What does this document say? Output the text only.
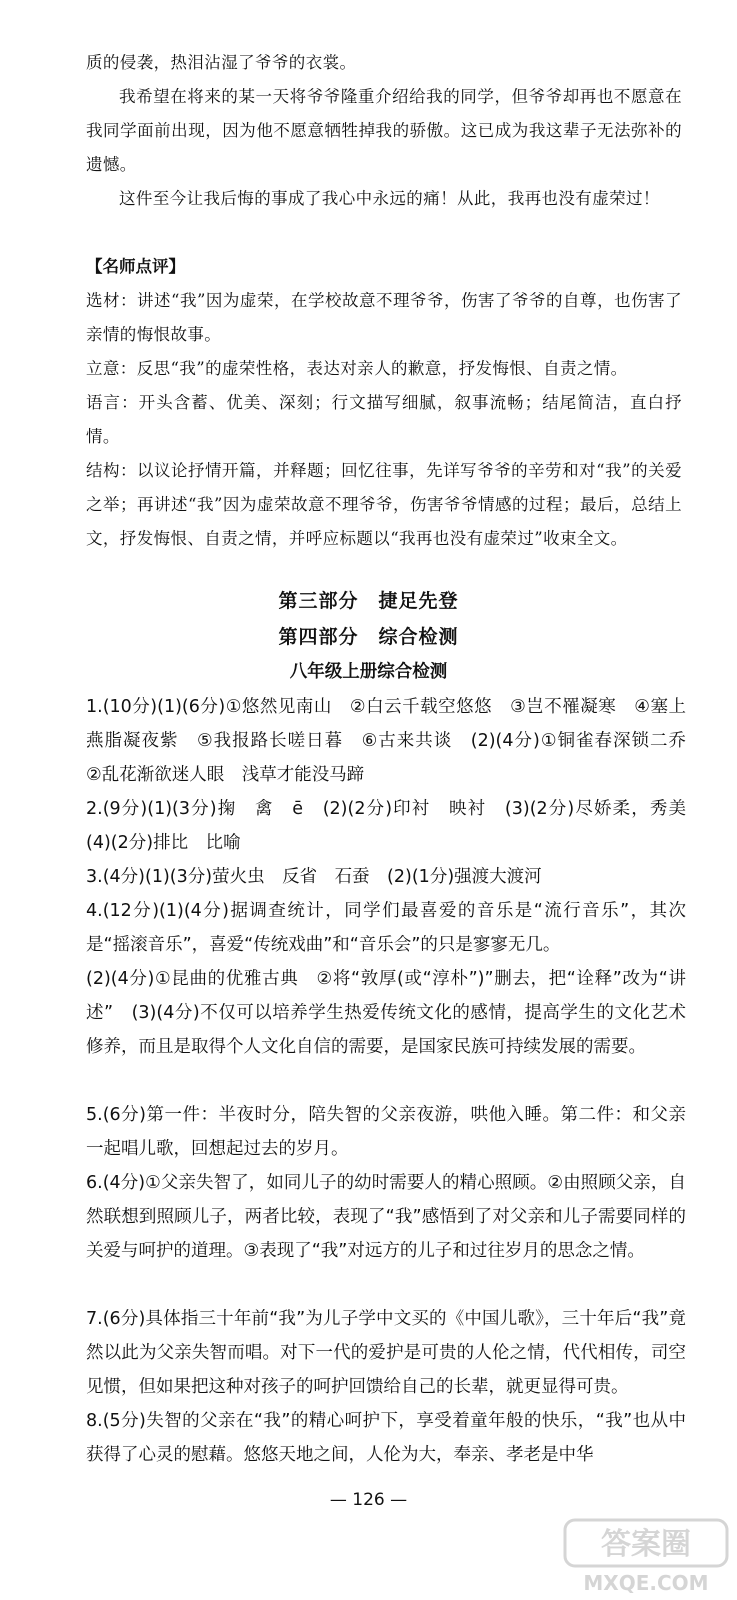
质的侵袭，热泪沾湿了爷爷的衣裳。

我希望在将来的某一天将爷爷隆重介绍给我的同学，但爷爷却再也不愿意在我同学面前出现，因为他不愿意牺牲掉我的骄傲。这已成为我这辈子无法弥补的遗憾。

这件至今让我后悔的事成了我心中永远的痛！从此，我再也没有虚荣过！

【名师点评】

选材：讲述“我”因为虚荣，在学校故意不理爷爷，伤害了爷爷的自尊，也伤害了亲情的悔恨故事。

立意：反思“我”的虚荣性格，表达对亲人的歉意，抒发悔恨、自责之情。

语言：开头含蓄、优美、深刻；行文描写细腻，叙事流畅；结尾简洁，直白抒情。

结构：以议论抒情开篇，并释题；回忆往事，先详写爷爷的辛劳和对“我”的关爱之举；再讲述“我”因为虚荣故意不理爷爷，伤害爷爷情感的过程；最后，总结上文，抒发悔恨、自责之情，并呼应标题以“我再也没有虚荣过”收束全文。

第三部分　捷足先登

第四部分　综合检测

八年级上册综合检测

1.(10分)(1)(6分)①悠然见南山　②白云千载空悠悠　③岂不罹凝寒　④塞上燕脂凝夜紫　⑤我报路长嗟日暮　⑥古来共谈　(2)(4分)①铜雀春深锁二乔　②乱花渐欲迷人眼　浅草才能没马蹄

2.(9分)(1)(3分)掬　禽　ē　(2)(2分)印衬　映衬　(3)(2分)尽娇柔，秀美　(4)(2分)排比　比喻

3.(4分)(1)(3分)萤火虫　反省　石蚕　(2)(1分)强渡大渡河

4.(12分)(1)(4分)据调查统计，同学们最喜爱的音乐是“流行音乐”，其次是“摇滚音乐”，喜爱“传统戏曲”和“音乐会”的只是寥寥无几。

(2)(4分)①昆曲的优雅古典　②将“敦厚(或“淳朴”)”删去，把“诠释”改为“讲述”　(3)(4分)不仅可以培养学生热爱传统文化的感情，提高学生的文化艺术修养，而且是取得个人文化自信的需要，是国家民族可持续发展的需要。

5.(6分)第一件：半夜时分，陪失智的父亲夜游，哄他入睡。第二件：和父亲一起唱儿歌，回想起过去的岁月。

6.(4分)①父亲失智了，如同儿子的幼时需要人的精心照顾。②由照顾父亲，自然联想到照顾儿子，两者比较，表现了“我”感悟到了对父亲和儿子需要同样的关爱与呵护的道理。③表现了“我”对远方的儿子和过往岁月的思念之情。

7.(6分)具体指三十年前“我”为儿子学中文买的《中国儿歌》，三十年后“我”竟然以此为父亲失智而唱。对下一代的爱护是可贵的人伦之情，代代相传，司空见惯，但如果把这种对孩子的呵护回馈给自己的长辈，就更显得可贵。

8.(5分)失智的父亲在“我”的精心呵护下，享受着童年般的快乐，“我”也从中获得了心灵的慰藉。悠悠天地之间，人伦为大，奉亲、孝老是中华

— 126 —
答案圈
MXQE.COM
